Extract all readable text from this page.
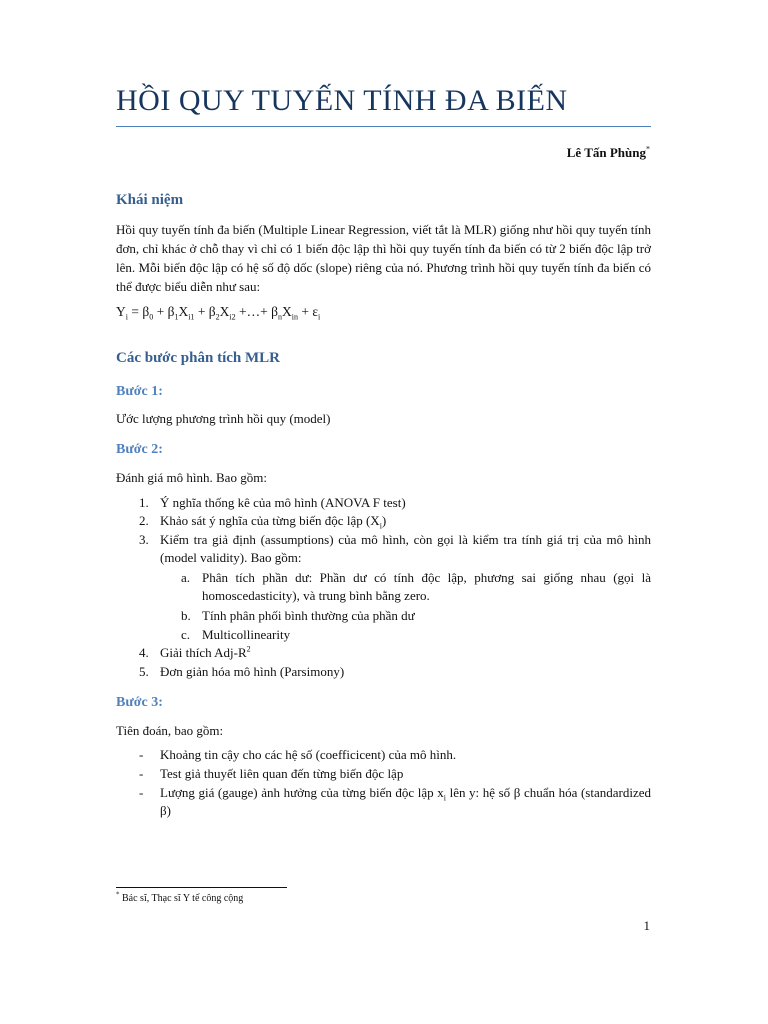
HỒI QUY TUYẾN TÍNH ĐA BIẾN
Lê Tấn Phùng*
Khái niệm
Hồi quy tuyến tính đa biến (Multiple Linear Regression, viết tắt là MLR) giống như hồi quy tuyến tính đơn, chỉ khác ở chỗ thay vì chỉ có 1 biến độc lập thì hồi quy tuyến tính đa biến có từ 2 biến độc lập trở lên. Mỗi biến độc lập có hệ số độ dốc (slope) riêng của nó. Phương trình hồi quy tuyến tính đa biến có thể được biểu diễn như sau:
$Y_i = \beta_0 + \beta_1X_{i1} + \beta_2X_{i2}$ +…+ $\beta_nX_{in} + \varepsilon_i$
Các bước phân tích MLR
Bước 1:
Ước lượng phương trình hồi quy (model)
Bước 2:
Đánh giá mô hình. Bao gồm:
1. Ý nghĩa thống kê của mô hình (ANOVA F test)
2. Khảo sát ý nghĩa của từng biến độc lập $(X_i)$
3. Kiểm tra giả định (assumptions) của mô hình, còn gọi là kiểm tra tính giá trị của mô hình (model validity). Bao gồm:
a. Phân tích phần dư: Phần dư có tính độc lập, phương sai giống nhau (gọi là homoscedasticity), và trung bình bằng zero.
b. Tính phân phối bình thường của phần dư
c. Multicollinearity
4. Giải thích Adj-$R^2$
5. Đơn giản hóa mô hình (Parsimony)
Bước 3:
Tiên đoán, bao gồm:
- Khoảng tin cậy cho các hệ số (coefficicent) của mô hình.
- Test giả thuyết liên quan đến từng biến độc lập
- Lượng giá (gauge) ảnh hưởng của từng biến độc lập $x_i$ lên y: hệ số β chuẩn hóa (standardized β)
* Bác sĩ, Thạc sĩ Y tế công cộng
1
